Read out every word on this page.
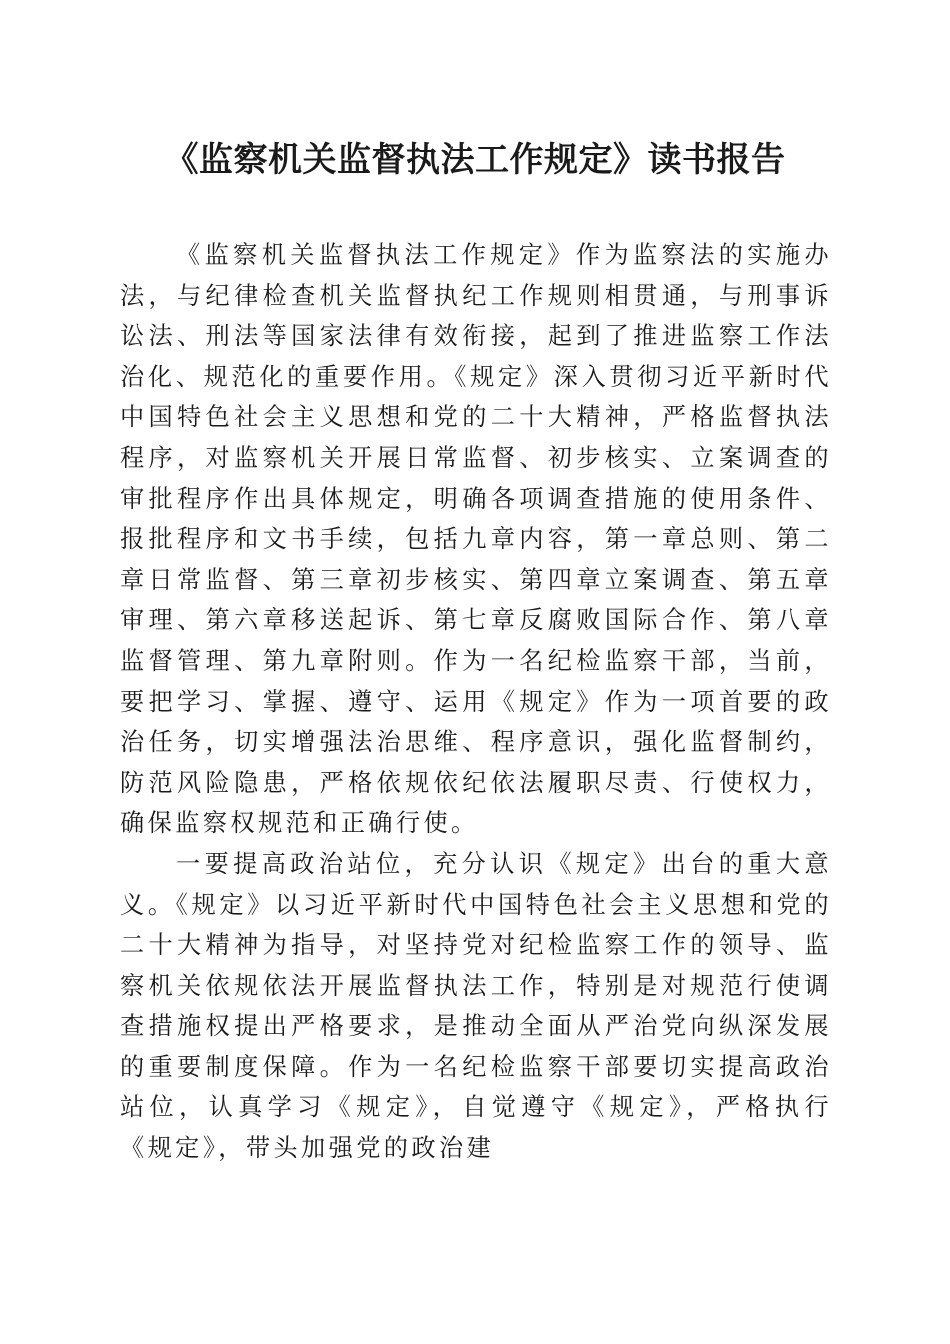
《监察机关监督执法工作规定》读书报告

《监察机关监督执法工作规定》作为监察法的实施办法，与纪律检查机关监督执纪工作规则相贯通，与刑事诉讼法、刑法等国家法律有效衔接，起到了推进监察工作法治化、规范化的重要作用。《规定》深入贯彻习近平新时代中国特色社会主义思想和党的二十大精神，严格监督执法程序，对监察机关开展日常监督、初步核实、立案调查的审批程序作出具体规定，明确各项调查措施的使用条件、报批程序和文书手续，包括九章内容，第一章总则、第二章日常监督、第三章初步核实、第四章立案调查、第五章审理、第六章移送起诉、第七章反腐败国际合作、第八章监督管理、第九章附则。作为一名纪检监察干部，当前，要把学习、掌握、遵守、运用《规定》作为一项首要的政治任务，切实增强法治思维、程序意识，强化监督制约，防范风险隐患，严格依规依纪依法履职尽责、行使权力，确保监察权规范和正确行使。

一要提高政治站位，充分认识《规定》出台的重大意义。《规定》以习近平新时代中国特色社会主义思想和党的二十大精神为指导，对坚持党对纪检监察工作的领导、监察机关依规依法开展监督执法工作，特别是对规范行使调查措施权提出严格要求，是推动全面从严治党向纵深发展的重要制度保障。作为一名纪检监察干部要切实提高政治站位，认真学习《规定》，自觉遵守《规定》，严格执行《规定》，带头加强党的政治建
